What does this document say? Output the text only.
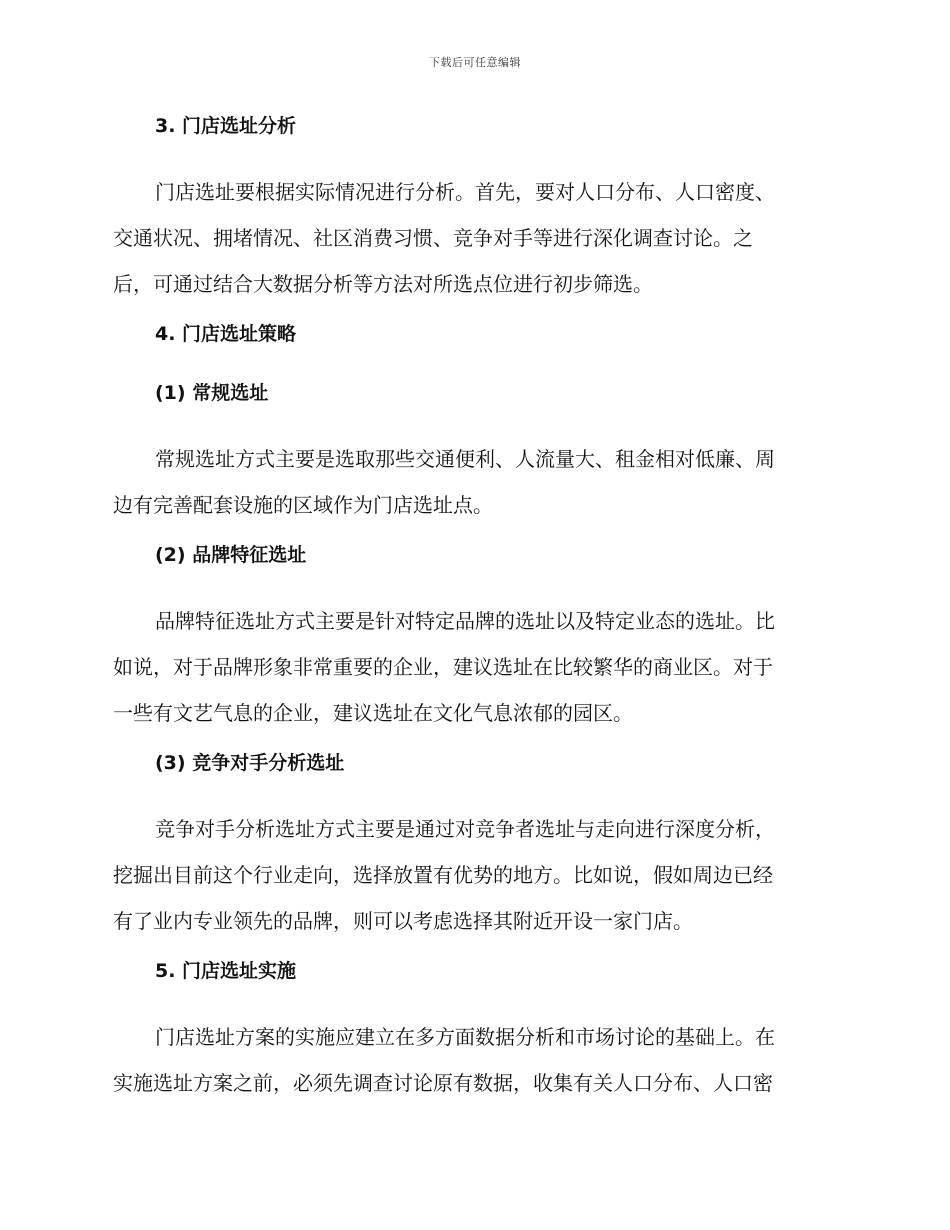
下载后可任意编辑
3. 门店选址分析
门店选址要根据实际情况进行分析。首先，要对人口分布、人口密度、
交通状况、拥堵情况、社区消费习惯、竞争对手等进行深化调查讨论。之
后，可通过结合大数据分析等方法对所选点位进行初步筛选。
4. 门店选址策略
(1) 常规选址
常规选址方式主要是选取那些交通便利、人流量大、租金相对低廉、周
边有完善配套设施的区域作为门店选址点。
(2) 品牌特征选址
品牌特征选址方式主要是针对特定品牌的选址以及特定业态的选址。比
如说，对于品牌形象非常重要的企业，建议选址在比较繁华的商业区。对于
一些有文艺气息的企业，建议选址在文化气息浓郁的园区。
(3) 竞争对手分析选址
竞争对手分析选址方式主要是通过对竞争者选址与走向进行深度分析，
挖掘出目前这个行业走向，选择放置有优势的地方。比如说，假如周边已经
有了业内专业领先的品牌，则可以考虑选择其附近开设一家门店。
5. 门店选址实施
门店选址方案的实施应建立在多方面数据分析和市场讨论的基础上。在
实施选址方案之前，必须先调查讨论原有数据，收集有关人口分布、人口密
